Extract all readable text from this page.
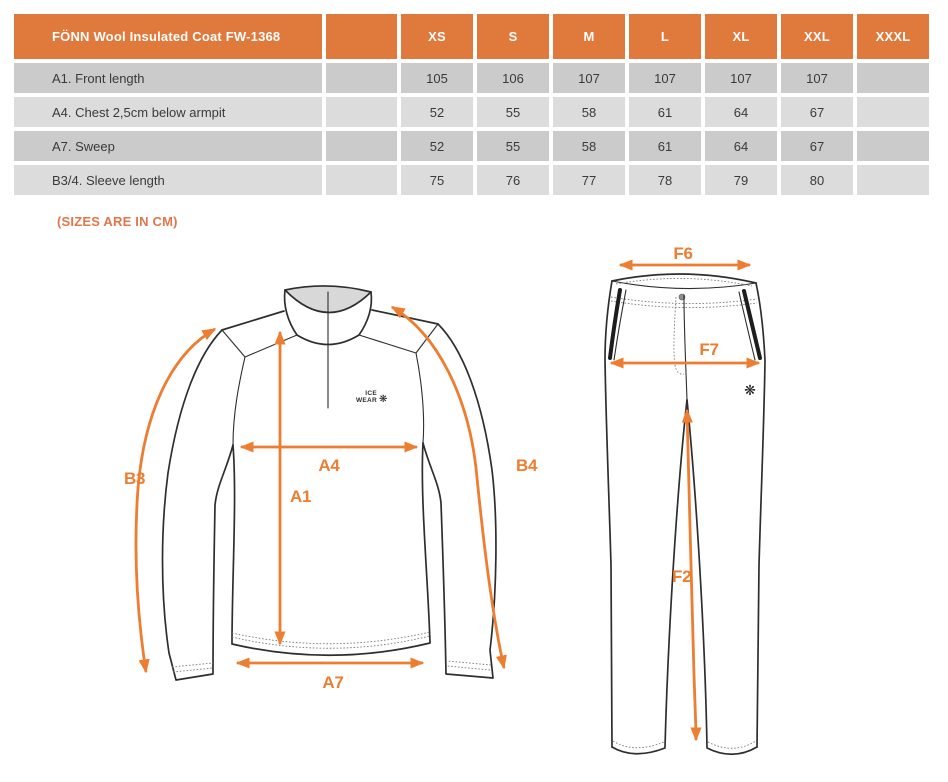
FÖNN Wool Insulated Coat FW-1368		XS	S	M	L	XL	XXL	XXXL
A1. Front length		105	106	107	107	107	107	
A4. Chest 2,5cm below armpit		52	55	58	61	64	67	
A7. Sweep		52	55	58	61	64	67	
B3/4. Sleeve length		75	76	77	78	79	80	
(SIZES ARE IN CM)
ICE
WEAR ❋
A1
A4
A7
B3
B4
❋
F6
F7
F2
